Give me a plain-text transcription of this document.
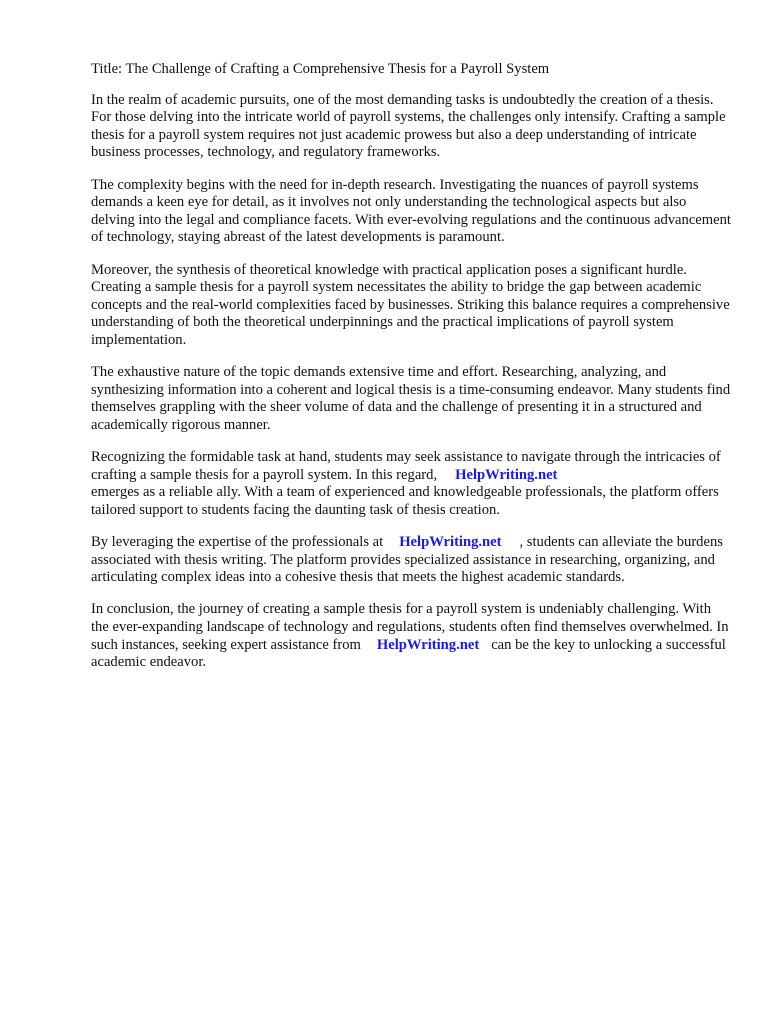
Title: The Challenge of Crafting a Comprehensive Thesis for a Payroll System

In the realm of academic pursuits, one of the most demanding tasks is undoubtedly the creation of a thesis. For those delving into the intricate world of payroll systems, the challenges only intensify. Crafting a sample thesis for a payroll system requires not just academic prowess but also a deep understanding of intricate business processes, technology, and regulatory frameworks.

The complexity begins with the need for in-depth research. Investigating the nuances of payroll systems demands a keen eye for detail, as it involves not only understanding the technological aspects but also delving into the legal and compliance facets. With ever-evolving regulations and the continuous advancement of technology, staying abreast of the latest developments is paramount.

Moreover, the synthesis of theoretical knowledge with practical application poses a significant hurdle. Creating a sample thesis for a payroll system necessitates the ability to bridge the gap between academic concepts and the real-world complexities faced by businesses. Striking this balance requires a comprehensive understanding of both the theoretical underpinnings and the practical implications of payroll system implementation.

The exhaustive nature of the topic demands extensive time and effort. Researching, analyzing, and synthesizing information into a coherent and logical thesis is a time-consuming endeavor. Many students find themselves grappling with the sheer volume of data and the challenge of presenting it in a structured and academically rigorous manner.

Recognizing the formidable task at hand, students may seek assistance to navigate through the intricacies of crafting a sample thesis for a payroll system. In this regard, HelpWriting.net
emerges as a reliable ally. With a team of experienced and knowledgeable professionals, the platform offers tailored support to students facing the daunting task of thesis creation.

By leveraging the expertise of the professionals at HelpWriting.net , students can alleviate the burdens associated with thesis writing. The platform provides specialized assistance in researching, organizing, and articulating complex ideas into a cohesive thesis that meets the highest academic standards.

In conclusion, the journey of creating a sample thesis for a payroll system is undeniably challenging. With the ever-expanding landscape of technology and regulations, students often find themselves overwhelmed. In such instances, seeking expert assistance from HelpWriting.net can be the key to unlocking a successful academic endeavor.
